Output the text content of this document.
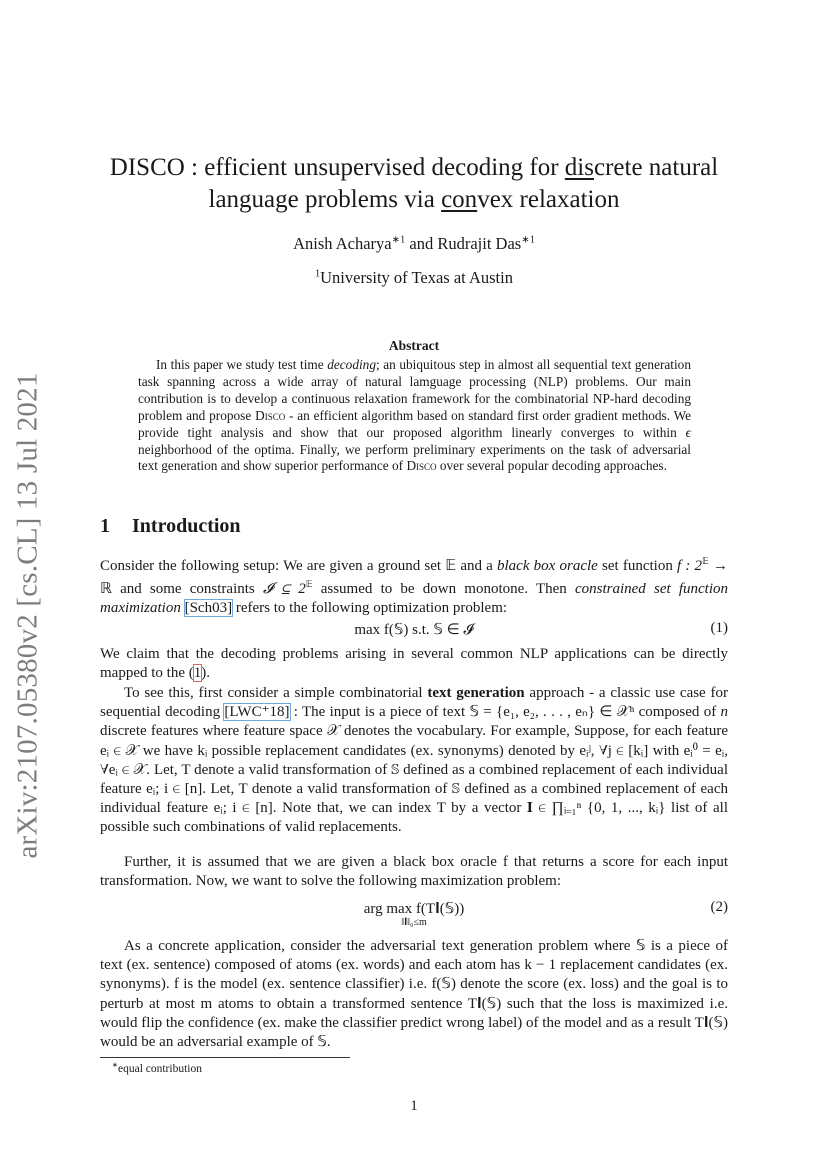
arXiv:2107.05380v2 [cs.CL] 13 Jul 2021
DISCO : efficient unsupervised decoding for discrete natural
language problems via convex relaxation
Anish Acharya$^{∗1}$ and Rudrajit Das$^{∗1}$
$^1$University of Texas at Austin
Abstract
In this paper we study test time decoding; an ubiquitous step in almost all sequential text generation task spanning across a wide array of natural lamguage processing (NLP) problems. Our main contribution is to develop a continuous relaxation framework for the combinatorial NP-hard decoding problem and propose Disco - an efficient algorithm based on standard first order gradient methods. We provide tight analysis and show that our proposed algorithm linearly converges to within ϵ neighborhood of the optima. Finally, we perform preliminary experiments on the task of adversarial text generation and show superior performance of Disco over several popular decoding approaches.
1 Introduction

Consider the following setup: We are given a ground set 𝔼 and a black box oracle set function f : $2^𝔼$ → ℝ and some constraints 𝓘 ⊆ $2^𝔼$ assumed to be down monotone. Then constrained set function maximization [Sch03] refers to the following optimization problem:

max f(𝕊) s.t. 𝕊 ∈ 𝓘	(1)

We claim that the decoding problems arising in several common NLP applications can be directly mapped to the (1).

To see this, first consider a simple combinatorial text generation approach - a classic use case for sequential decoding [LWC⁺18] : The input is a piece of text 𝕊 = {e₁, e₂, . . . , eₙ} ∈ 𝒳ⁿ composed of n discrete features where feature space 𝒳 denotes the vocabulary. For example, Suppose, for each feature eᵢ ∈ 𝒳 we have kᵢ possible replacement candidates (ex. synonyms) denoted by eᵢʲ, ∀j ∈ [kᵢ] with eᵢ⁰ = eᵢ, ∀eᵢ ∈ 𝒳. Let, T denote a valid transformation of 𝕊 defined as a combined replacement of each individual feature eᵢ; i ∈ [n]. Let, T denote a valid transformation of 𝕊 defined as a combined replacement of each individual feature eᵢ; i ∈ [n]. Note that, we can index T by a vector 𝐈 ∈ ∏ᵢ₌₁ⁿ {0, 1, ..., kᵢ} list of all possible such combinations of valid replacements.

Further, it is assumed that we are given a black box oracle f that returns a score for each input transformation. Now, we want to solve the following maximization problem:

arg max f(T𝐈(𝕊))
‖𝐈‖₀≤m
(2)

As a concrete application, consider the adversarial text generation problem where 𝕊 is a piece of text (ex. sentence) composed of atoms (ex. words) and each atom has k − 1 replacement candidates (ex. synonyms). f is the model (ex. sentence classifier) i.e. f(𝕊) denote the score (ex. loss) and the goal is to perturb at most m atoms to obtain a transformed sentence T𝐈(𝕊) such that the loss is maximized i.e. would flip the confidence (ex. make the classifier predict wrong label) of the model and as a result T𝐈(𝕊) would be an adversarial example of 𝕊.

∗equal contribution
1
